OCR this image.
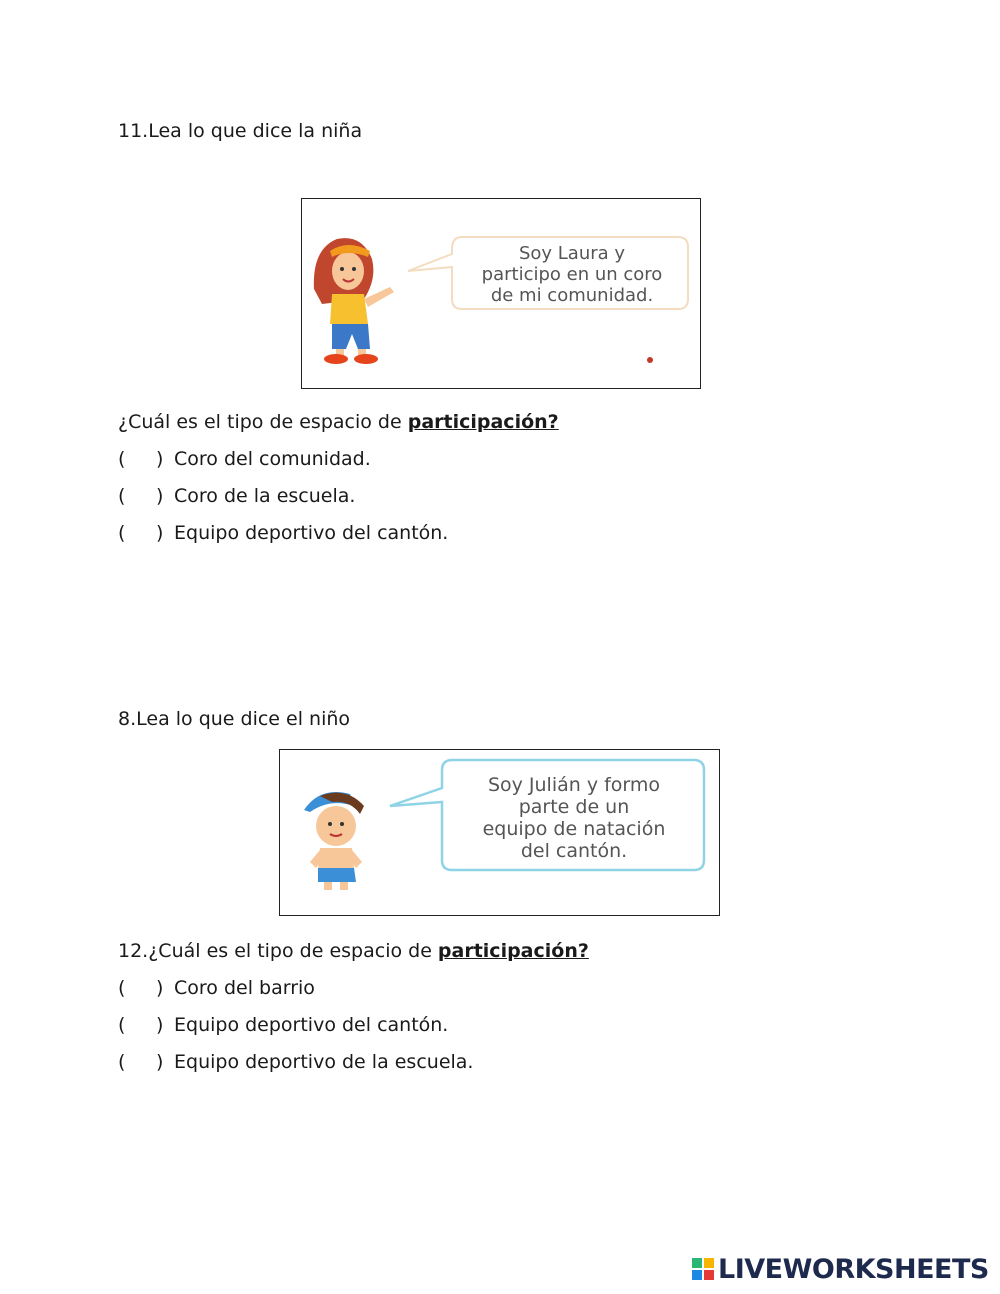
11.Lea lo que dice la niña
Soy Laura y
participo en un coro
de mi comunidad.
¿Cuál es el tipo de espacio de participación?
( ) Coro del comunidad.
( ) Coro de la escuela.
( ) Equipo deportivo del cantón.
8.Lea lo que dice el niño
Soy Julián y formo
parte de un
equipo de natación
del cantón.
12.¿Cuál es el tipo de espacio de participación?
( ) Coro del barrio
( ) Equipo deportivo del cantón.
( ) Equipo deportivo de la escuela.
LIVEWORKSHEETS
